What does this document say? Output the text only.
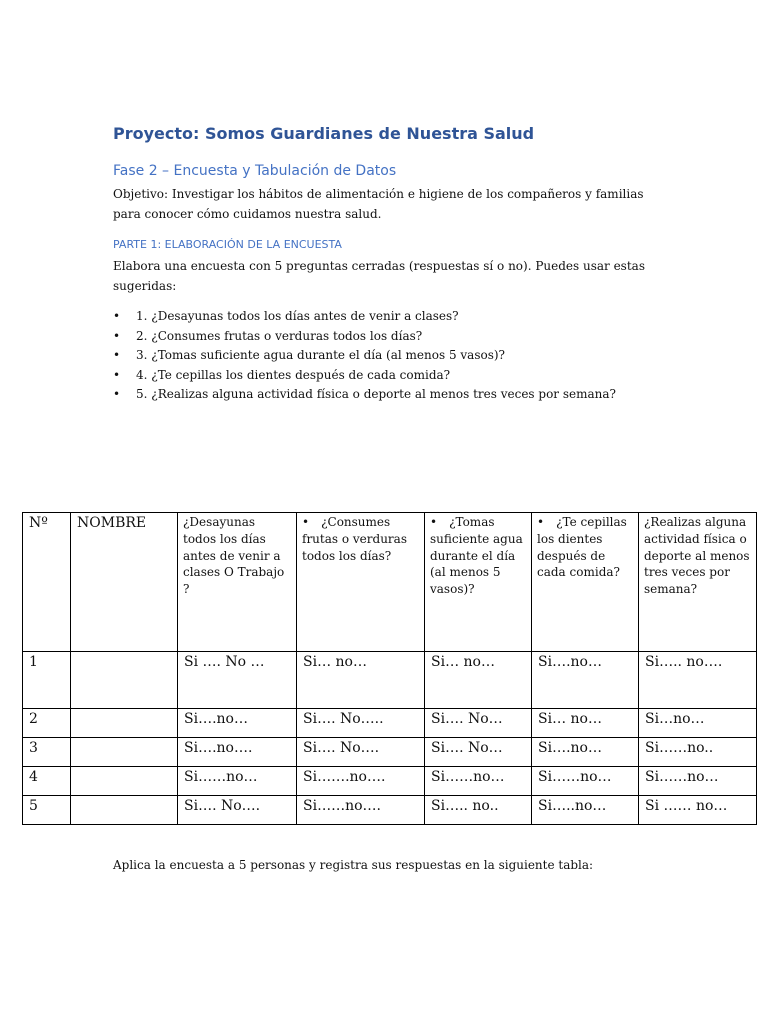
Proyecto: Somos Guardianes de Nuestra Salud
Fase 2 – Encuesta y Tabulación de Datos
Objetivo: Investigar los hábitos de alimentación e higiene de los compañeros y familias para conocer cómo cuidamos nuestra salud.
PARTE 1: ELABORACIÓN DE LA ENCUESTA
Elabora una encuesta con 5 preguntas cerradas (respuestas sí o no). Puedes usar estas sugeridas:
• 1. ¿Desayunas todos los días antes de venir a clases?
• 2. ¿Consumes frutas o verduras todos los días?
• 3. ¿Tomas suficiente agua durante el día (al menos 5 vasos)?
• 4. ¿Te cepillas los dientes después de cada comida?
• 5. ¿Realizas alguna actividad física o deporte al menos tres veces por semana?
Nº	NOMBRE	¿Desayunas todos los días antes de venir a clases O Trabajo ?	• ¿Consumes frutas o verduras todos los días?	• ¿Tomas suficiente agua durante el día (al menos 5 vasos)?	• ¿Te cepillas los dientes después de cada comida?	¿Realizas alguna actividad física o deporte al menos tres veces por semana?
1		Si …. No …	Si… no…	Si… no…	Si….no…	Si….. no….
2		Si….no…	Si…. No…..	Si…. No…	Si… no…	Si…no…
3		Si….no….	Si…. No….	Si…. No…	Si….no…	Si……no..
4		Si……no…	Si…….no….	Si……no…	Si……no…	Si……no…
5		Si…. No….	Si……no….	Si….. no..	Si…..no…	Si …… no…
Aplica la encuesta a 5 personas y registra sus respuestas en la siguiente tabla:
